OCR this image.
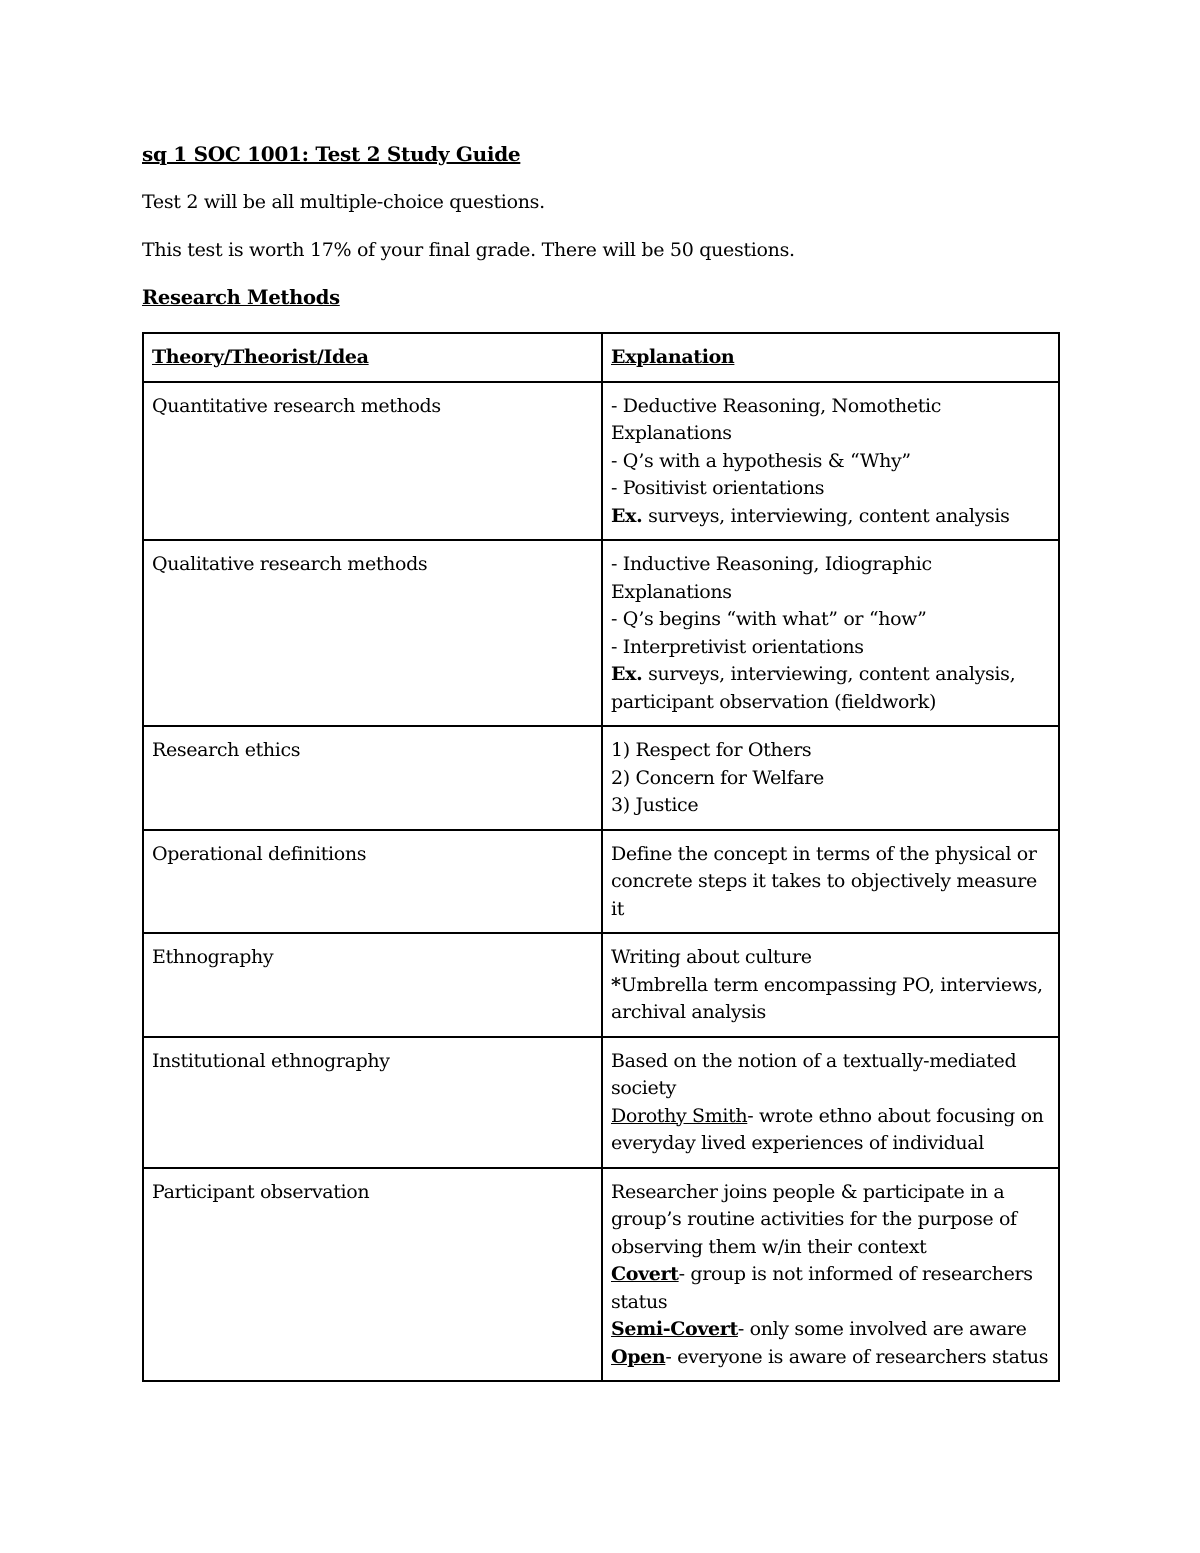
sq 1 SOC 1001: Test 2 Study Guide
Test 2 will be all multiple-choice questions.
This test is worth 17% of your final grade. There will be 50 questions.
Research Methods
Theory/Theorist/Idea	Explanation
Quantitative research methods	- Deductive Reasoning, Nomothetic Explanations
- Q’s with a hypothesis & “Why”
- Positivist orientations
Ex. surveys, interviewing, content analysis

Qualitative research methods	- Inductive Reasoning, Idiographic Explanations
- Q’s begins “with what” or “how”
- Interpretivist orientations
Ex. surveys, interviewing, content analysis, participant observation (fieldwork)

Research ethics	1) Respect for Others
2) Concern for Welfare
3) Justice

Operational definitions	Define the concept in terms of the physical or concrete steps it takes to objectively measure it

Ethnography	Writing about culture
*Umbrella term encompassing PO, interviews, archival analysis

Institutional ethnography	Based on the notion of a textually-mediated society
Dorothy Smith- wrote ethno about focusing on everyday lived experiences of individual

Participant observation	Researcher joins people & participate in a group’s routine activities for the purpose of observing them w/in their context
Covert- group is not informed of researchers status
Semi-Covert- only some involved are aware
Open- everyone is aware of researchers status
